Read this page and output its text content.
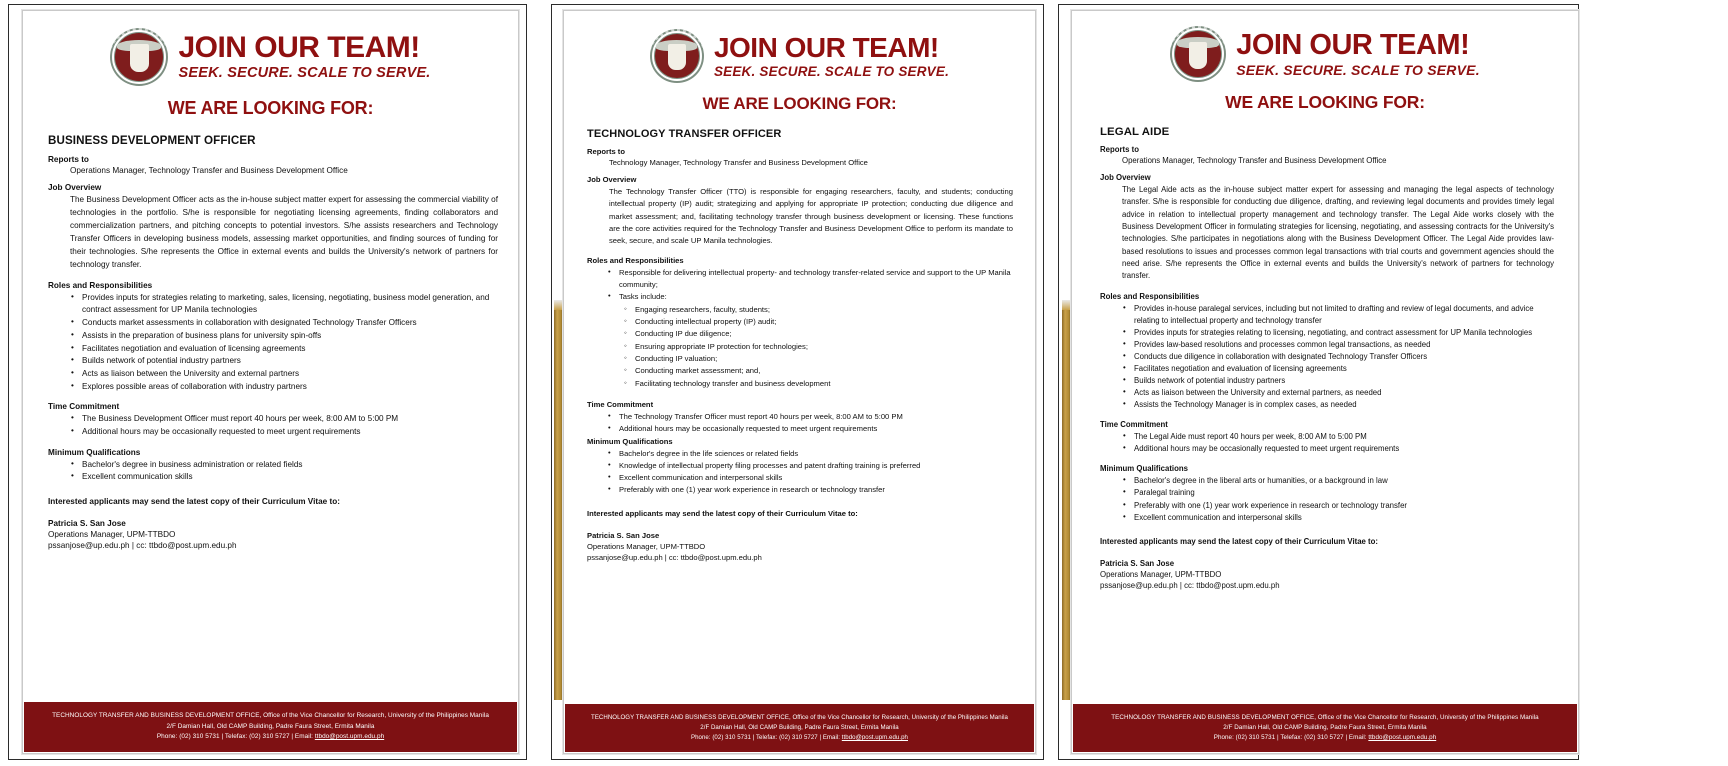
JOIN OUR TEAM!
SEEK. SECURE. SCALE TO SERVE.
WE ARE LOOKING FOR:
BUSINESS DEVELOPMENT OFFICER
Reports to
Operations Manager, Technology Transfer and Business Development Office
Job Overview
The Business Development Officer acts as the in-house subject matter expert for assessing the commercial viability of technologies in the portfolio. S/he is responsible for negotiating licensing agreements, finding collaborators and commercialization partners, and pitching concepts to potential investors. S/he assists researchers and Technology Transfer Officers in developing business models, assessing market opportunities, and finding sources of funding for their technologies. S/he represents the Office in external events and builds the University's network of partners for technology transfer.
Roles and Responsibilities
• Provides inputs for strategies relating to marketing, sales, licensing, negotiating, business model generation, and contract assessment for UP Manila technologies
• Conducts market assessments in collaboration with designated Technology Transfer Officers
• Assists in the preparation of business plans for university spin-offs
• Facilitates negotiation and evaluation of licensing agreements
• Builds network of potential industry partners
• Acts as liaison between the University and external partners
• Explores possible areas of collaboration with industry partners
Time Commitment
• The Business Development Officer must report 40 hours per week, 8:00 AM to 5:00 PM
• Additional hours may be occasionally requested to meet urgent requirements
Minimum Qualifications
• Bachelor's degree in business administration or related fields
• Excellent communication skills
Interested applicants may send the latest copy of their Curriculum Vitae to:
Patricia S. San Jose
Operations Manager, UPM-TTBDO
pssanjose@up.edu.ph | cc: ttbdo@post.upm.edu.ph
TECHNOLOGY TRANSFER AND BUSINESS DEVELOPMENT OFFICE, Office of the Vice Chancellor for Research, University of the Philippines Manila
2/F Damian Hall, Old CAMP Building, Padre Faura Street, Ermita Manila
Phone: (02) 310 5731 | Telefax: (02) 310 5727 | Email: ttbdo@post.upm.edu.ph
JOIN OUR TEAM!
SEEK. SECURE. SCALE TO SERVE.
WE ARE LOOKING FOR:
TECHNOLOGY TRANSFER OFFICER
Reports to
Technology Manager, Technology Transfer and Business Development Office
Job Overview
The Technology Transfer Officer (TTO) is responsible for engaging researchers, faculty, and students; conducting intellectual property (IP) audit; strategizing and applying for appropriate IP protection; conducting due diligence and market assessment; and, facilitating technology transfer through business development or licensing. These functions are the core activities required for the Technology Transfer and Business Development Office to perform its mandate to seek, secure, and scale UP Manila technologies.
Roles and Responsibilities
• Responsible for delivering intellectual property- and technology transfer-related service and support to the UP Manila community;
• Tasks include:
◦ Engaging researchers, faculty, students;
◦ Conducting intellectual property (IP) audit;
◦ Conducting IP due diligence;
◦ Ensuring appropriate IP protection for technologies;
◦ Conducting IP valuation;
◦ Conducting market assessment; and,
◦ Facilitating technology transfer and business development
Time Commitment
• The Technology Transfer Officer must report 40 hours per week, 8:00 AM to 5:00 PM
• Additional hours may be occasionally requested to meet urgent requirements
Minimum Qualifications
• Bachelor's degree in the life sciences or related fields
• Knowledge of intellectual property filing processes and patent drafting training is preferred
• Excellent communication and interpersonal skills
• Preferably with one (1) year work experience in research or technology transfer
Interested applicants may send the latest copy of their Curriculum Vitae to:
Patricia S. San Jose
Operations Manager, UPM-TTBDO
pssanjose@up.edu.ph | cc: ttbdo@post.upm.edu.ph
TECHNOLOGY TRANSFER AND BUSINESS DEVELOPMENT OFFICE, Office of the Vice Chancellor for Research, University of the Philippines Manila
2/F Damian Hall, Old CAMP Building, Padre Faura Street, Ermita Manila
Phone: (02) 310 5731 | Telefax: (02) 310 5727 | Email: ttbdo@post.upm.edu.ph
JOIN OUR TEAM!
SEEK. SECURE. SCALE TO SERVE.
WE ARE LOOKING FOR:
LEGAL AIDE
Reports to
Operations Manager, Technology Transfer and Business Development Office
Job Overview
The Legal Aide acts as the in-house subject matter expert for assessing and managing the legal aspects of technology transfer. S/he is responsible for conducting due diligence, drafting, and reviewing legal documents and provides timely legal advice in relation to intellectual property management and technology transfer. The Legal Aide works closely with the Business Development Officer in formulating strategies for licensing, negotiating, and assessing contracts for the University's technologies. S/he participates in negotiations along with the Business Development Officer. The Legal Aide provides law-based resolutions to issues and processes common legal transactions with trial courts and government agencies should the need arise. S/he represents the Office in external events and builds the University's network of partners for technology transfer.
Roles and Responsibilities
• Provides in-house paralegal services, including but not limited to drafting and review of legal documents, and advice relating to intellectual property and technology transfer
• Provides inputs for strategies relating to licensing, negotiating, and contract assessment for UP Manila technologies
• Provides law-based resolutions and processes common legal transactions, as needed
• Conducts due diligence in collaboration with designated Technology Transfer Officers
• Facilitates negotiation and evaluation of licensing agreements
• Builds network of potential industry partners
• Acts as liaison between the University and external partners, as needed
• Assists the Technology Manager is in complex cases, as needed
Time Commitment
• The Legal Aide must report 40 hours per week, 8:00 AM to 5:00 PM
• Additional hours may be occasionally requested to meet urgent requirements
Minimum Qualifications
• Bachelor's degree in the liberal arts or humanities, or a background in law
• Paralegal training
• Preferably with one (1) year work experience in research or technology transfer
• Excellent communication and interpersonal skills
Interested applicants may send the latest copy of their Curriculum Vitae to:
Patricia S. San Jose
Operations Manager, UPM-TTBDO
pssanjose@up.edu.ph | cc: ttbdo@post.upm.edu.ph
TECHNOLOGY TRANSFER AND BUSINESS DEVELOPMENT OFFICE, Office of the Vice Chancellor for Research, University of the Philippines Manila
2/F Damian Hall, Old CAMP Building, Padre Faura Street, Ermita Manila
Phone: (02) 310 5731 | Telefax: (02) 310 5727 | Email: ttbdo@post.upm.edu.ph
